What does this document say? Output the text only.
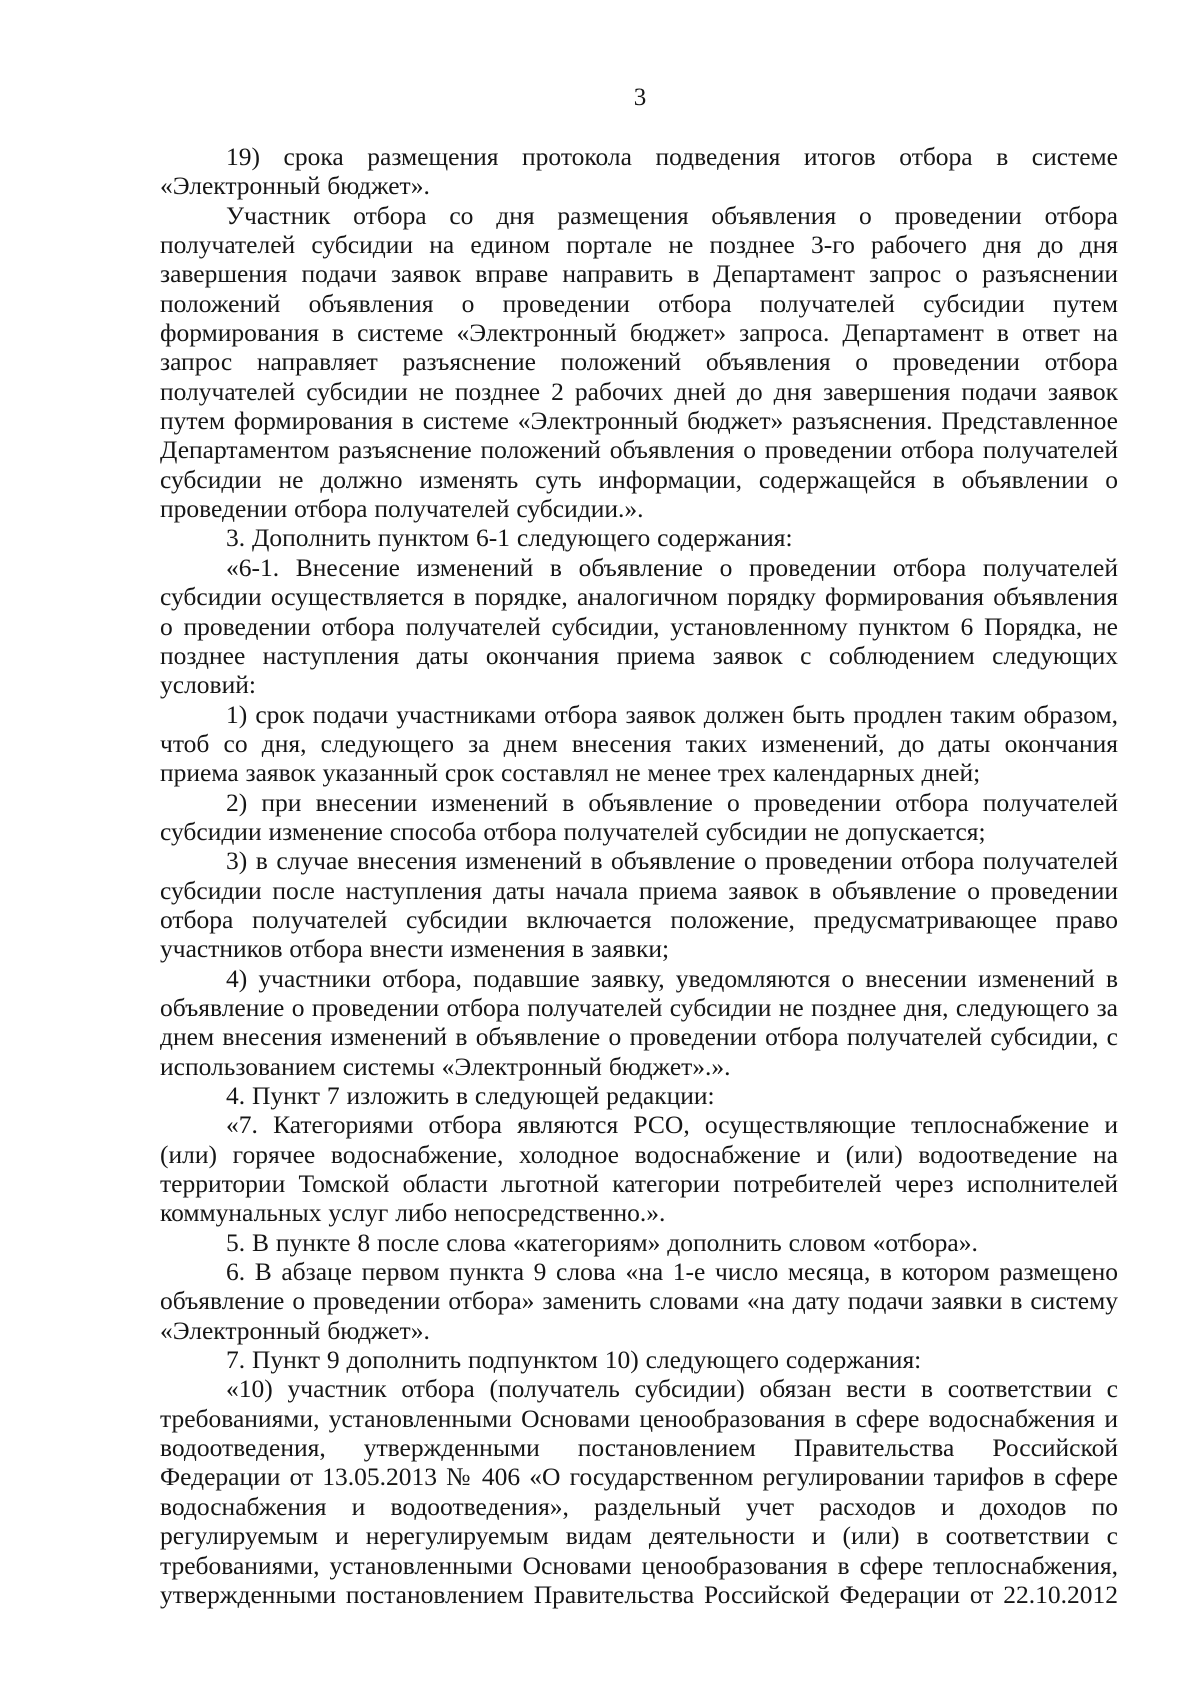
3

19) срока размещения протокола подведения итогов отбора в системе «Электронный бюджет».

Участник отбора со дня размещения объявления о проведении отбора получателей субсидии на едином портале не позднее 3-го рабочего дня до дня завершения подачи заявок вправе направить в Департамент запрос о разъяснении положений объявления о проведении отбора получателей субсидии путем формирования в системе «Электронный бюджет» запроса. Департамент в ответ на запрос направляет разъяснение положений объявления о проведении отбора получателей субсидии не позднее 2 рабочих дней до дня завершения подачи заявок путем формирования в системе «Электронный бюджет» разъяснения. Представленное Департаментом разъяснение положений объявления о проведении отбора получателей субсидии не должно изменять суть информации, содержащейся в объявлении о проведении отбора получателей субсидии.».

3. Дополнить пунктом 6-1 следующего содержания:

«6-1. Внесение изменений в объявление о проведении отбора получателей субсидии осуществляется в порядке, аналогичном порядку формирования объявления о проведении отбора получателей субсидии, установленному пунктом 6 Порядка, не позднее наступления даты окончания приема заявок с соблюдением следующих условий:

1) срок подачи участниками отбора заявок должен быть продлен таким образом, чтоб со дня, следующего за днем внесения таких изменений, до даты окончания приема заявок указанный срок составлял не менее трех календарных дней;

2) при внесении изменений в объявление о проведении отбора получателей субсидии изменение способа отбора получателей субсидии не допускается;

3) в случае внесения изменений в объявление о проведении отбора получателей субсидии после наступления даты начала приема заявок в объявление о проведении отбора получателей субсидии включается положение, предусматривающее право участников отбора внести изменения в заявки;

4) участники отбора, подавшие заявку, уведомляются о внесении изменений в объявление о проведении отбора получателей субсидии не позднее дня, следующего за днем внесения изменений в объявление о проведении отбора получателей субсидии, с использованием системы «Электронный бюджет».».

4. Пункт 7 изложить в следующей редакции:

«7. Категориями отбора являются РСО, осуществляющие теплоснабжение и (или) горячее водоснабжение, холодное водоснабжение и (или) водоотведение на территории Томской области льготной категории потребителей через исполнителей коммунальных услуг либо непосредственно.».

5. В пункте 8 после слова «категориям» дополнить словом «отбора».

6. В абзаце первом пункта 9 слова «на 1-е число месяца, в котором размещено объявление о проведении отбора» заменить словами «на дату подачи заявки в систему «Электронный бюджет».

7. Пункт 9 дополнить подпунктом 10) следующего содержания:

«10) участник отбора (получатель субсидии) обязан вести в соответствии с требованиями, установленными Основами ценообразования в сфере водоснабжения и водоотведения, утвержденными постановлением Правительства Российской Федерации от 13.05.2013 № 406 «О государственном регулировании тарифов в сфере водоснабжения и водоотведения», раздельный учет расходов и доходов по регулируемым и нерегулируемым видам деятельности и (или) в соответствии с требованиями, установленными Основами ценообразования в сфере теплоснабжения, утвержденными постановлением Правительства Российской Федерации от 22.10.2012
